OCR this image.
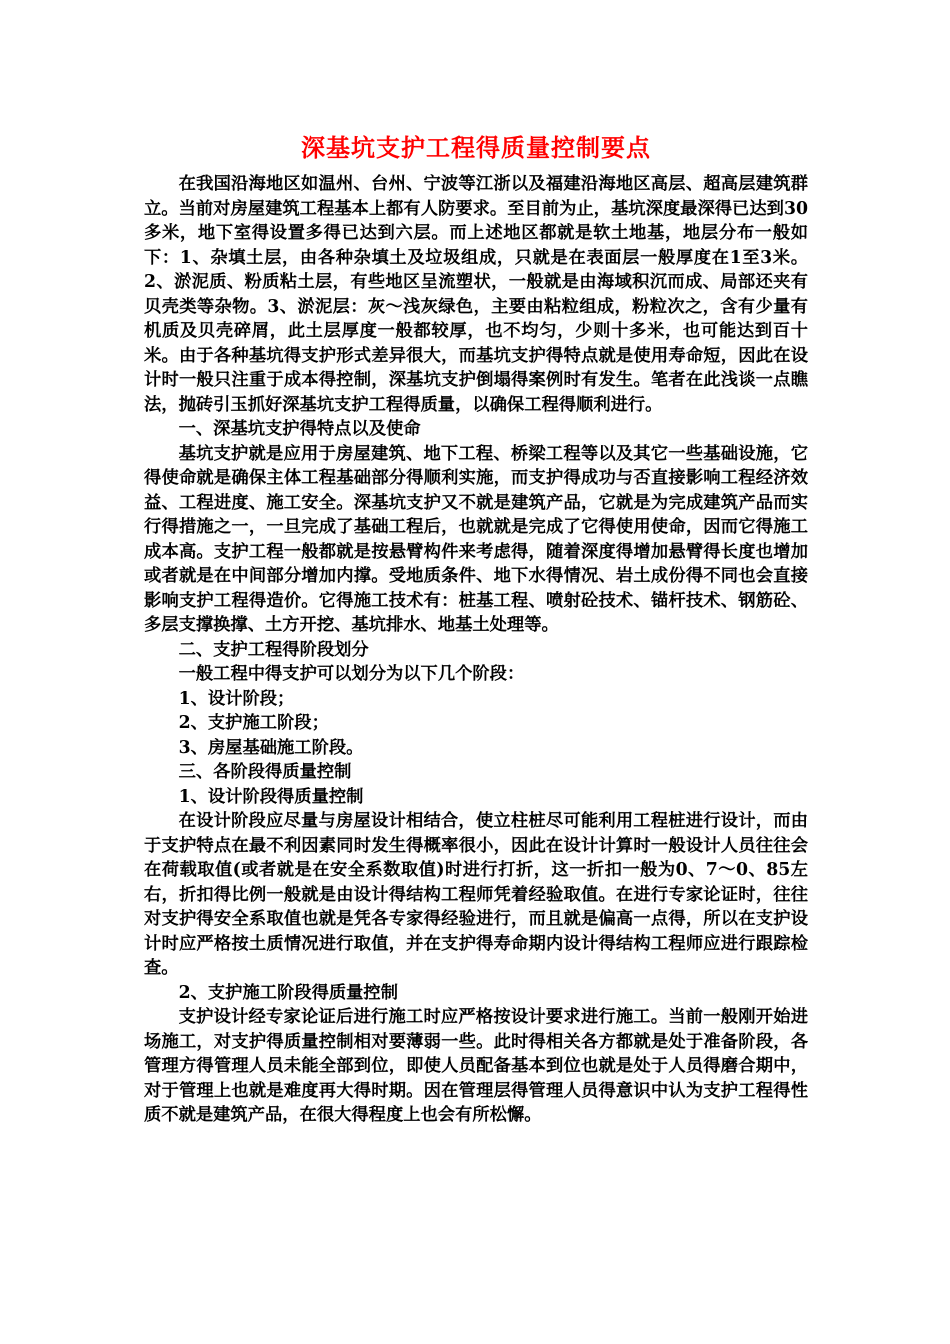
深基坑支护工程得质量控制要点

在我国沿海地区如温州、台州、宁波等江浙以及福建沿海地区高层、超高层建筑群立。当前对房屋建筑工程基本上都有人防要求。至目前为止，基坑深度最深得已达到30多米，地下室得设置多得已达到六层。而上述地区都就是软土地基，地层分布一般如下：1、杂填土层，由各种杂填土及垃圾组成，只就是在表面层一般厚度在1至3米。2、淤泥质、粉质粘土层，有些地区呈流塑状，一般就是由海域积沉而成、局部还夹有贝壳类等杂物。3、淤泥层：灰～浅灰绿色，主要由粘粒组成，粉粒次之，含有少量有机质及贝壳碎屑，此土层厚度一般都较厚，也不均匀，少则十多米，也可能达到百十米。由于各种基坑得支护形式差异很大，而基坑支护得特点就是使用寿命短，因此在设计时一般只注重于成本得控制，深基坑支护倒塌得案例时有发生。笔者在此浅谈一点瞧法，抛砖引玉抓好深基坑支护工程得质量，以确保工程得顺利进行。

一、深基坑支护得特点以及使命

基坑支护就是应用于房屋建筑、地下工程、桥梁工程等以及其它一些基础设施，它得使命就是确保主体工程基础部分得顺利实施，而支护得成功与否直接影响工程经济效益、工程进度、施工安全。深基坑支护又不就是建筑产品，它就是为完成建筑产品而实行得措施之一，一旦完成了基础工程后，也就就是完成了它得使用使命，因而它得施工成本高。支护工程一般都就是按悬臂构件来考虑得，随着深度得增加悬臂得长度也增加或者就是在中间部分增加内撑。受地质条件、地下水得情况、岩土成份得不同也会直接影响支护工程得造价。它得施工技术有：桩基工程、喷射砼技术、锚杆技术、钢筋砼、多层支撑换撑、土方开挖、基坑排水、地基土处理等。

二、支护工程得阶段划分

一般工程中得支护可以划分为以下几个阶段：

1、设计阶段；

2、支护施工阶段；

3、房屋基础施工阶段。

三、各阶段得质量控制

1、设计阶段得质量控制

在设计阶段应尽量与房屋设计相结合，使立柱桩尽可能利用工程桩进行设计，而由于支护特点在最不利因素同时发生得概率很小，因此在设计计算时一般设计人员往往会在荷载取值(或者就是在安全系数取值)时进行打折，这一折扣一般为0、7～0、85左右，折扣得比例一般就是由设计得结构工程师凭着经验取值。在进行专家论证时，往往对支护得安全系取值也就是凭各专家得经验进行，而且就是偏高一点得，所以在支护设计时应严格按土质情况进行取值，并在支护得寿命期内设计得结构工程师应进行跟踪检查。

2、支护施工阶段得质量控制

支护设计经专家论证后进行施工时应严格按设计要求进行施工。当前一般刚开始进场施工，对支护得质量控制相对要薄弱一些。此时得相关各方都就是处于准备阶段，各管理方得管理人员未能全部到位，即使人员配备基本到位也就是处于人员得磨合期中，对于管理上也就是难度再大得时期。因在管理层得管理人员得意识中认为支护工程得性质不就是建筑产品，在很大得程度上也会有所松懈。
